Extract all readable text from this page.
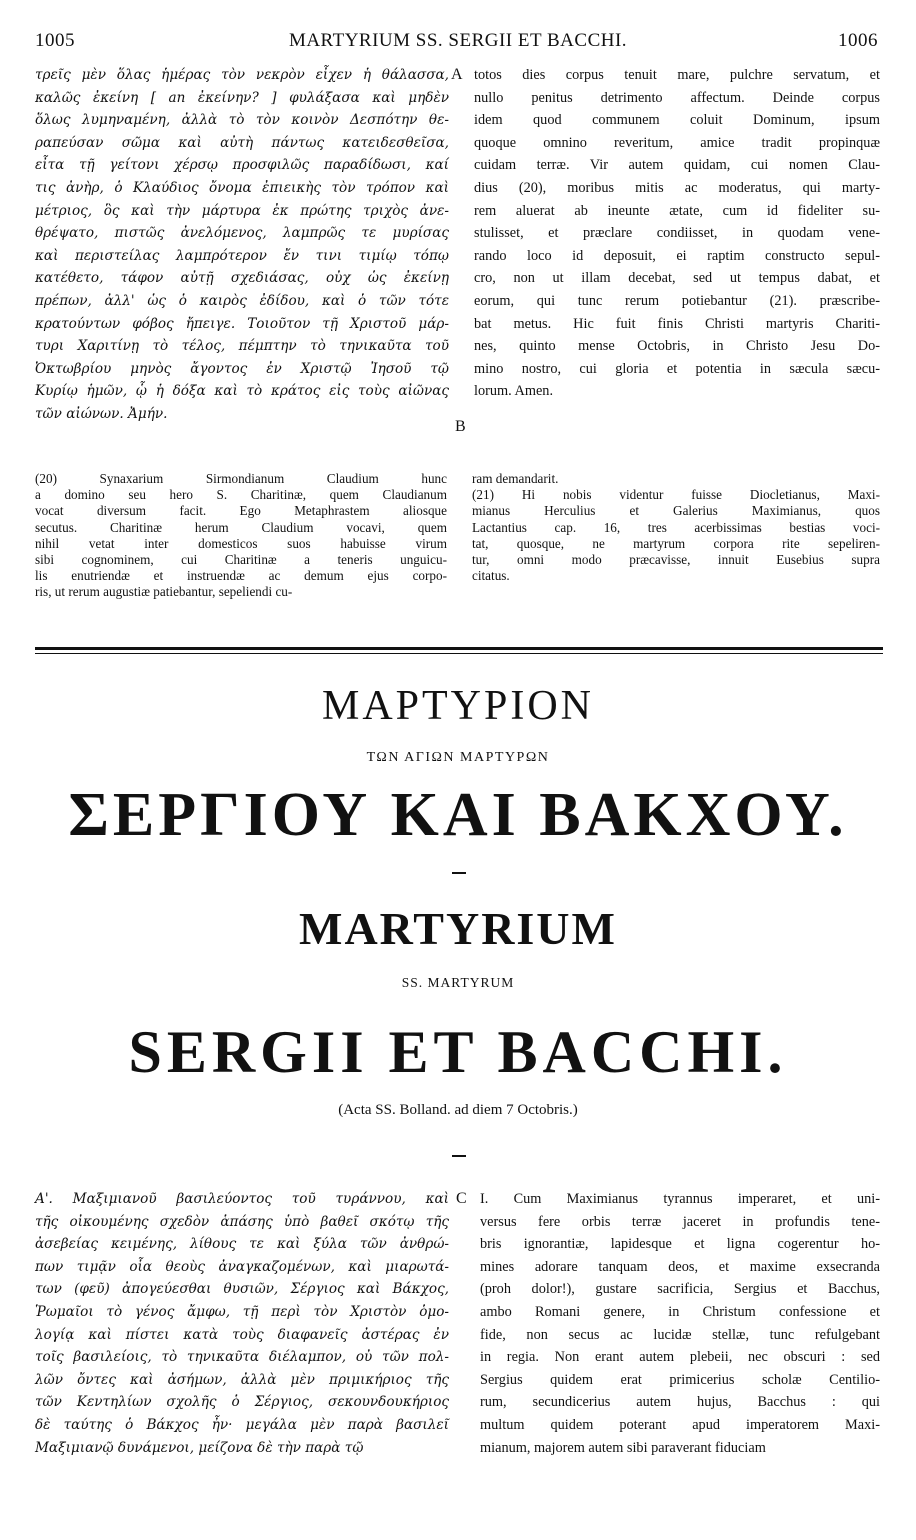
1005	MARTYRIUM SS. SERGII ET BACCHI.	1006
τρεῖς μὲν ὅλας ἡμέρας τὸν νεκρὸν εἶχεν ἡ θάλασσα,
καλῶς ἐκείνη [ an ἐκείνην? ] φυλάξασα καὶ μηδὲν
ὅλως λυμηναμένη, ἀλλὰ τὸ τὸν κοινὸν Δεσπότην θε-
ραπεύσαν σῶμα καὶ αὐτὴ πάντως κατειδεσθεῖσα,
εἶτα τῇ γείτονι χέρσῳ προσφιλῶς παραδίδωσι, καί
τις ἀνὴρ, ὁ Κλαύδιος ὄνομα ἐπιεικὴς τὸν τρόπον καὶ
μέτριος, ὃς καὶ τὴν μάρτυρα ἐκ πρώτης τριχὸς ἀνε-
θρέψατο, πιστῶς ἀνελόμενος, λαμπρῶς τε μυρίσας
καὶ περιστείλας λαμπρότερον ἔν τινι τιμίῳ τόπῳ
κατέθετο, τάφον αὐτῇ σχεδιάσας, οὐχ ὡς ἐκείνῃ
πρέπων, ἀλλ' ὡς ὁ καιρὸς ἐδίδου, καὶ ὁ τῶν τότε
κρατούντων φόβος ἤπειγε. Τοιοῦτον τῇ Χριστοῦ μάρ-
τυρι Χαριτίνῃ τὸ τέλος, πέμπτην τὸ τηνικαῦτα τοῦ
Ὀκτωβρίου μηνὸς ἄγοντος ἐν Χριστῷ Ἰησοῦ τῷ
Κυρίῳ ἡμῶν, ᾧ ἡ δόξα καὶ τὸ κράτος εἰς τοὺς αἰῶνας
τῶν αἰώνων. Ἀμήν.
A
B
totos dies corpus tenuit mare, pulchre servatum, et
nullo penitus detrimento affectum. Deinde corpus
idem quod communem coluit Dominum, ipsum
quoque omnino reveritum, amice tradit propinquæ
cuidam terræ. Vir autem quidam, cui nomen Clau-
dius (20), moribus mitis ac moderatus, qui marty-
rem aluerat ab ineunte ætate, cum id fideliter su-
stulisset, et præclare condiisset, in quodam vene-
rando loco id deposuit, ei raptim constructo sepul-
cro, non ut illam decebat, sed ut tempus dabat, et
eorum, qui tunc rerum potiebantur (21). præscribe-
bat metus. Hic fuit finis Christi martyris Chariti-
nes, quinto mense Octobris, in Christo Jesu Do-
mino nostro, cui gloria et potentia in sæcula sæcu-
lorum. Amen.
(20) Synaxarium Sirmondianum Claudium hunc
a domino seu hero S. Charitinæ, quem Claudianum
vocat diversum facit. Ego Metaphrastem aliosque
secutus. Charitinæ herum Claudium vocavi, quem
nihil vetat inter domesticos suos habuisse virum
sibi cognominem, cui Charitinæ a teneris unguicu-
lis enutriendæ et instruendæ ac demum ejus corpo-
ris, ut rerum augustiæ patiebantur, sepeliendi cu-
ram demandarit.
(21) Hi nobis videntur fuisse Diocletianus, Maxi-
mianus Herculius et Galerius Maximianus, quos
Lactantius cap. 16, tres acerbissimas bestias voci-
tat, quosque, ne martyrum corpora rite sepeliren-
tur, omni modo præcavisse, innuit Eusebius supra
citatus.
ΜΑΡΤΥΡΙΟΝ
ΤΩΝ ΑΓΙΩΝ ΜΑΡΤΥΡΩΝ
ΣΕΡΓΙΟΥ ΚΑΙ ΒΑΚΧΟΥ.
MARTYRIUM
SS. MARTYRUM
SERGII ET BACCHI.
(Acta SS. Bolland. ad diem 7 Octobris.)
Α'. Μαξιμιανοῦ βασιλεύοντος τοῦ τυράννου, καὶ
τῆς οἰκουμένης σχεδὸν ἁπάσης ὑπὸ βαθεῖ σκότῳ τῆς
ἀσεβείας κειμένης, λίθους τε καὶ ξύλα τῶν ἀνθρώ-
πων τιμᾷν οἷα θεοὺς ἀναγκαζομένων, καὶ μιαρωτά-
των (φεῦ) ἀπογεύεσθαι θυσιῶν, Σέργιος καὶ Βάκχος,
Ῥωμαῖοι τὸ γένος ἄμφω, τῇ περὶ τὸν Χριστὸν ὁμο-
λογίᾳ καὶ πίστει κατὰ τοὺς διαφανεῖς ἀστέρας ἐν
τοῖς βασιλείοις, τὸ τηνικαῦτα διέλαμπον, οὐ τῶν πολ-
λῶν ὄντες καὶ ἀσήμων, ἀλλὰ μὲν πριμικήριος τῆς
τῶν Κεντηλίων σχολῆς ὁ Σέργιος, σεκουνδουκήριος
δὲ ταύτης ὁ Βάκχος ἦν· μεγάλα μὲν παρὰ βασιλεῖ
Μαξιμιανῷ δυνάμενοι, μείζονα δὲ τὴν παρὰ τῷ
C I. Cum Maximianus tyrannus imperaret, et uni-
versus fere orbis terræ jaceret in profundis tene-
bris ignorantiæ, lapidesque et ligna cogerentur ho-
mines adorare tanquam deos, et maxime exsecranda
(proh dolor!), gustare sacrificia, Sergius et Bacchus,
ambo Romani genere, in Christum confessione et
fide, non secus ac lucidæ stellæ, tunc refulgebant
in regia. Non erant autem plebeii, nec obscuri : sed
Sergius quidem erat primicerius scholæ Centilio-
rum, secundicerius autem hujus, Bacchus : qui
multum quidem poterant apud imperatorem Maxi-
mianum, majorem autem sibi paraverant fiduciam
